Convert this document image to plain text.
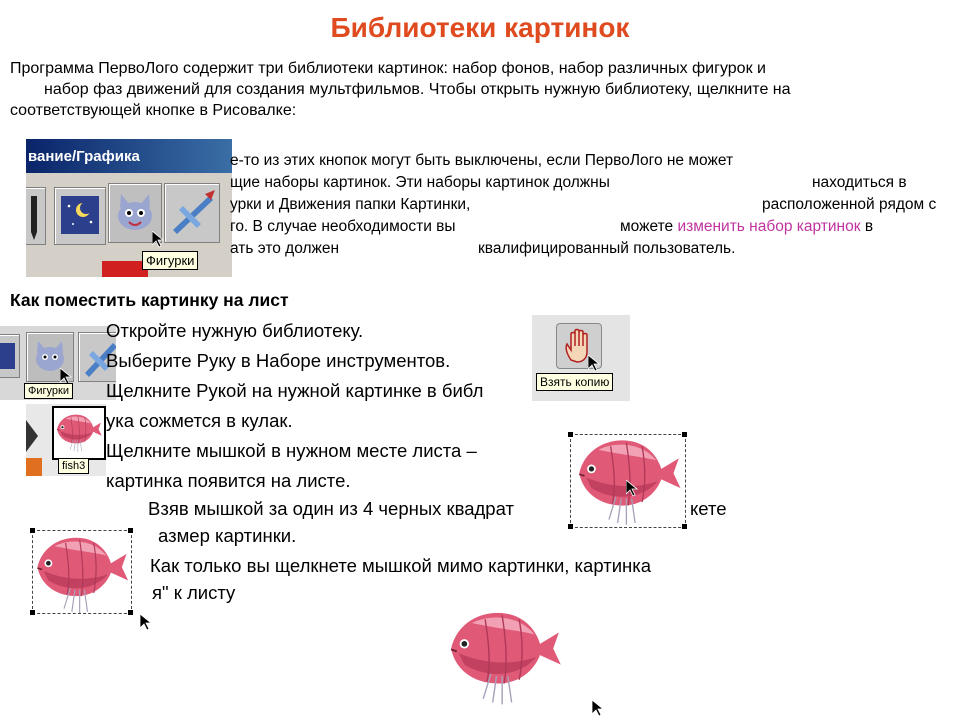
Библиотеки картинок
Программа ПервоЛого содержит три библиотеки картинок: набор фонов, набор различных фигурок и
набор фаз движений для создания мультфильмов. Чтобы открыть нужную библиотеку, щелкните на
соответствующей кнопке в Рисовалке:
вание/Графика
Фигурки
е-то из этих кнопок могут быть выключены, если ПервоЛого не может
щие наборы картинок. Эти наборы картинок должны	находиться в
урки и Движения папки Картинки,	расположенной рядом с
го. В случае необходимости вы	можете изменить набор картинок в
ать это должен	квалифицированный пользователь.
Как поместить картинку на лист
Фигурки
fish3
Откройте нужную библиотеку.
Выберите Руку в Наборе инструментов.
Щелкните Рукой на нужной картинке в библ
ука сожмется в кулак.
Щелкните мышкой в нужном месте листа –
картинка появится на листе.
Взяв мышкой за один из 4 черных квадрат	кете
азмер картинки.
Как только вы щелкнете мышкой мимо картинки, картинка
я" к листу
Взять копию
